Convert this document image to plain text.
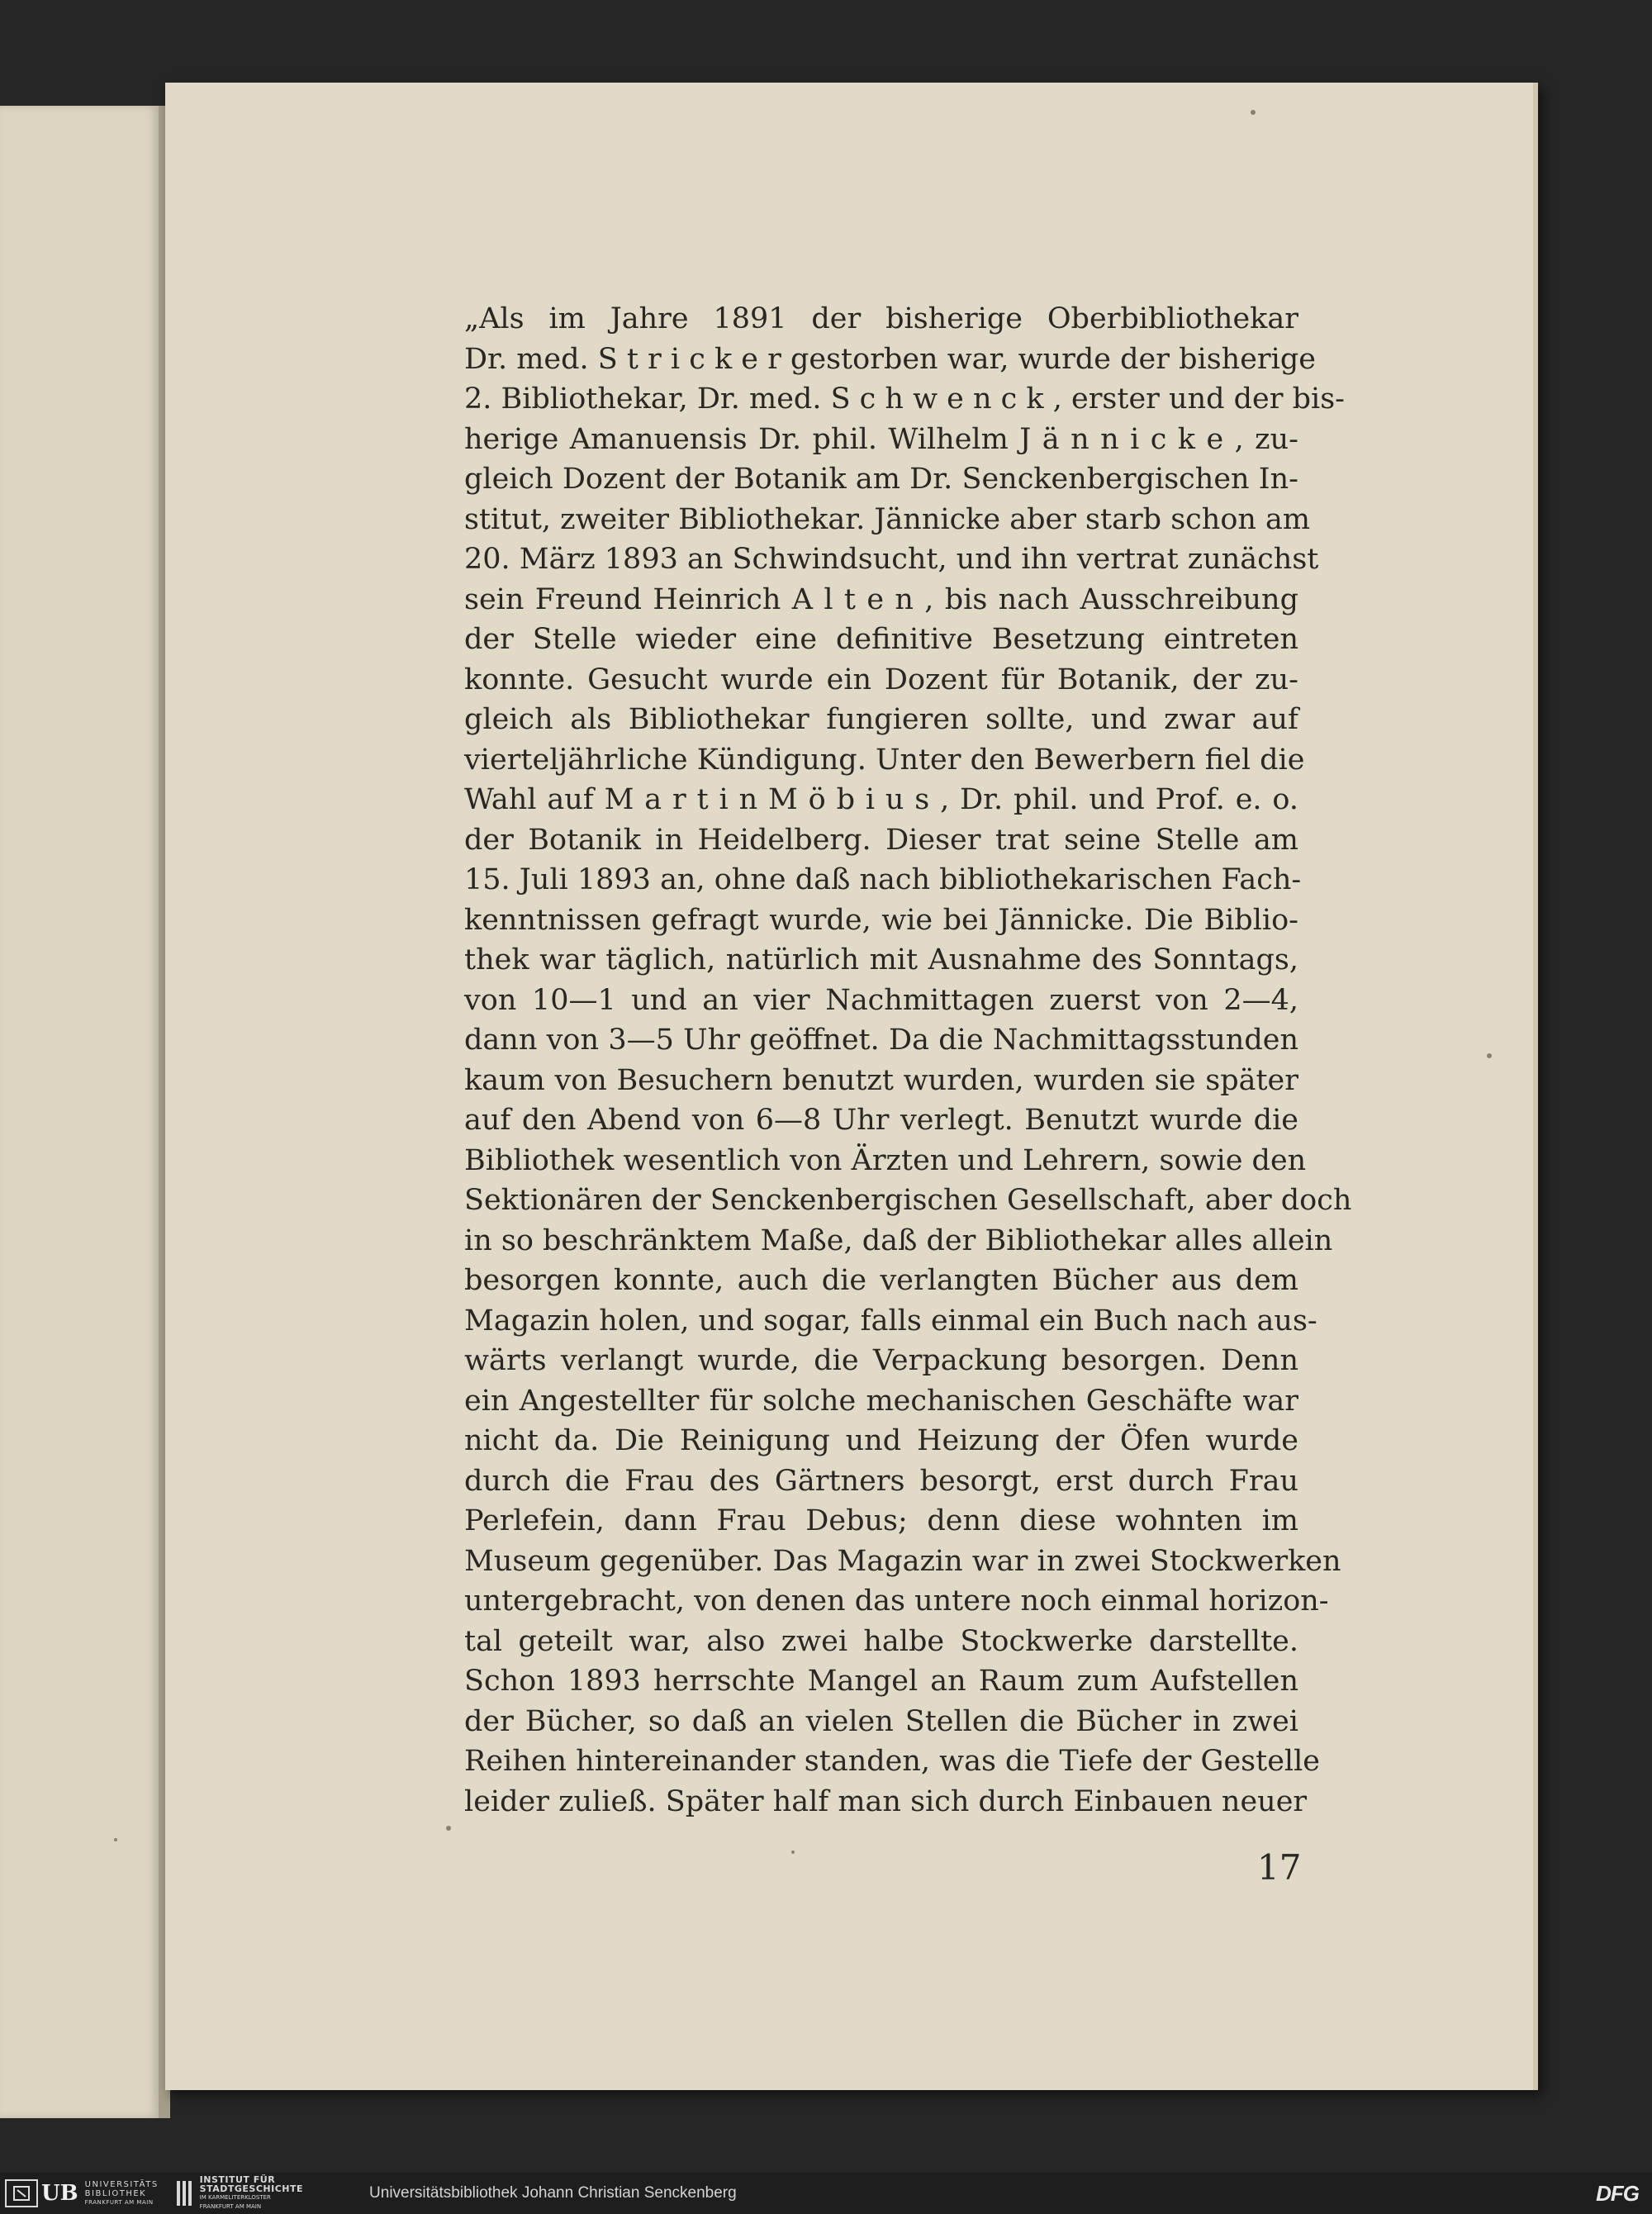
„Als im Jahre 1891 der bisherige Oberbibliothekar
Dr. med. S t r i c k e r gestorben war, wurde der bisherige
2. Bibliothekar, Dr. med. S c h w e n c k , erster und der bis-
herige Amanuensis Dr. phil. Wilhelm J ä n n i c k e , zu-
gleich Dozent der Botanik am Dr. Senckenbergischen In-
stitut, zweiter Bibliothekar. Jännicke aber starb schon am
20. März 1893 an Schwindsucht, und ihn vertrat zunächst
sein Freund Heinrich A l t e n , bis nach Ausschreibung
der Stelle wieder eine definitive Besetzung eintreten
konnte. Gesucht wurde ein Dozent für Botanik, der zu-
gleich als Bibliothekar fungieren sollte, und zwar auf
vierteljährliche Kündigung. Unter den Bewerbern fiel die
Wahl auf M a r t i n M ö b i u s , Dr. phil. und Prof. e. o.
der Botanik in Heidelberg. Dieser trat seine Stelle am
15. Juli 1893 an, ohne daß nach bibliothekarischen Fach-
kenntnissen gefragt wurde, wie bei Jännicke. Die Biblio-
thek war täglich, natürlich mit Ausnahme des Sonntags,
von 10—1 und an vier Nachmittagen zuerst von 2—4,
dann von 3—5 Uhr geöffnet. Da die Nachmittagsstunden
kaum von Besuchern benutzt wurden, wurden sie später
auf den Abend von 6—8 Uhr verlegt. Benutzt wurde die
Bibliothek wesentlich von Ärzten und Lehrern, sowie den
Sektionären der Senckenbergischen Gesellschaft, aber doch
in so beschränktem Maße, daß der Bibliothekar alles allein
besorgen konnte, auch die verlangten Bücher aus dem
Magazin holen, und sogar, falls einmal ein Buch nach aus-
wärts verlangt wurde, die Verpackung besorgen. Denn
ein Angestellter für solche mechanischen Geschäfte war
nicht da. Die Reinigung und Heizung der Öfen wurde
durch die Frau des Gärtners besorgt, erst durch Frau
Perlefein, dann Frau Debus; denn diese wohnten im
Museum gegenüber. Das Magazin war in zwei Stockwerken
untergebracht, von denen das untere noch einmal horizon-
tal geteilt war, also zwei halbe Stockwerke darstellte.
Schon 1893 herrschte Mangel an Raum zum Aufstellen
der Bücher, so daß an vielen Stellen die Bücher in zwei
Reihen hintereinander standen, was die Tiefe der Gestelle
leider zuließ. Später half man sich durch Einbauen neuer
17
UB UNIVERSITÄTS
BIBLIOTHEK
FRANKFURT AM MAIN
INSTITUT FÜR
STADTGESCHICHTE
IM KARMELITERKLOSTER
FRANKFURT AM MAIN
Universitätsbibliothek Johann Christian Senckenberg	DFG
